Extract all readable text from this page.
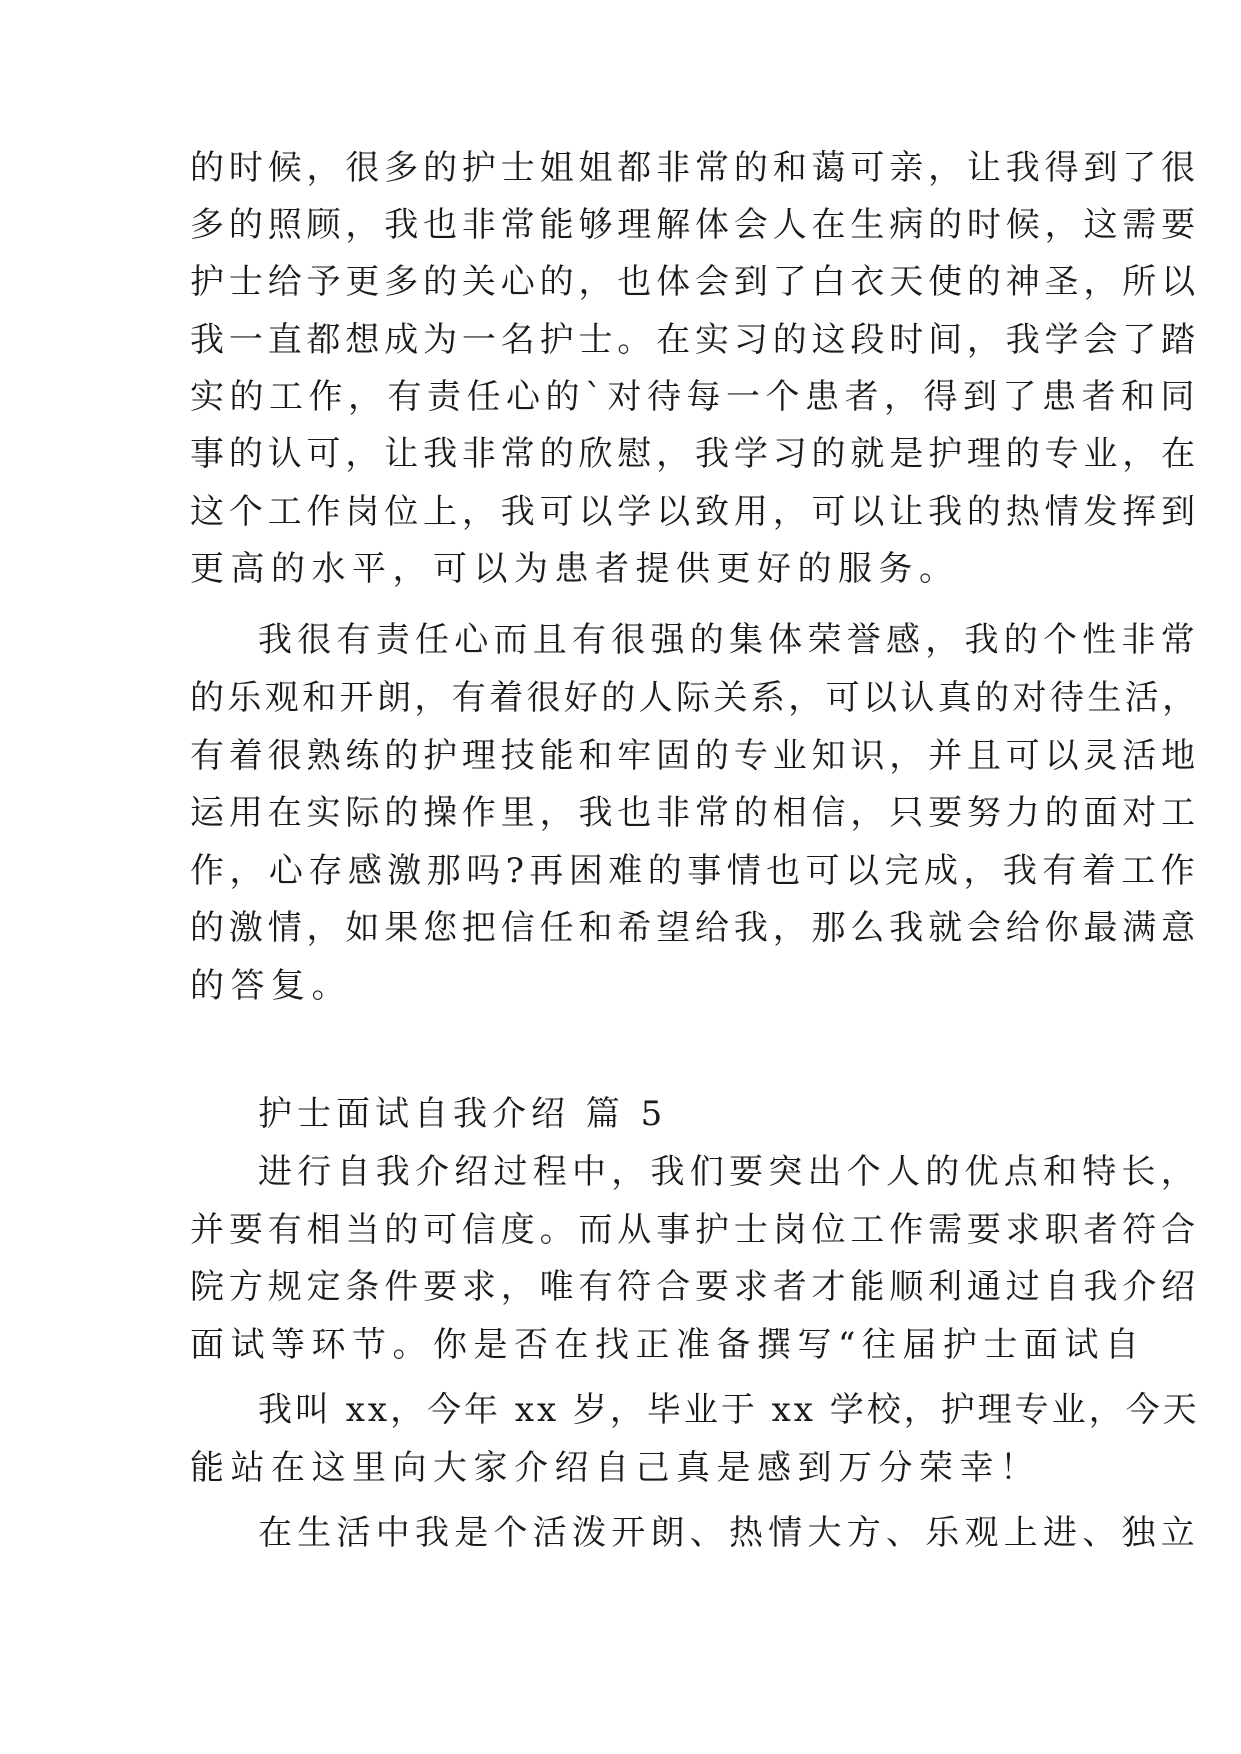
的时候，很多的护士姐姐都非常的和蔼可亲，让我得到了很
多的照顾，我也非常能够理解体会人在生病的时候，这需要
护士给予更多的关心的，也体会到了白衣天使的神圣，所以
我一直都想成为一名护士。在实习的这段时间，我学会了踏
实的工作，有责任心的`对待每一个患者，得到了患者和同
事的认可，让我非常的欣慰，我学习的就是护理的专业，在
这个工作岗位上，我可以学以致用，可以让我的热情发挥到
更高的水平，可以为患者提供更好的服务。
我很有责任心而且有很强的集体荣誉感，我的个性非常
的乐观和开朗，有着很好的人际关系，可以认真的对待生活，
有着很熟练的护理技能和牢固的专业知识，并且可以灵活地
运用在实际的操作里，我也非常的相信，只要努力的面对工
作，心存感激那吗?再困难的事情也可以完成，我有着工作
的激情，如果您把信任和希望给我，那么我就会给你最满意
的答复。
护士面试自我介绍 篇 5
进行自我介绍过程中，我们要突出个人的优点和特长，
并要有相当的可信度。而从事护士岗位工作需要求职者符合
院方规定条件要求，唯有符合要求者才能顺利通过自我介绍
面试等环节。你是否在找正准备撰写“往届护士面试自
我叫 xx，今年 xx 岁，毕业于 xx 学校，护理专业，今天
能站在这里向大家介绍自己真是感到万分荣幸！
在生活中我是个活泼开朗、热情大方、乐观上进、独立
